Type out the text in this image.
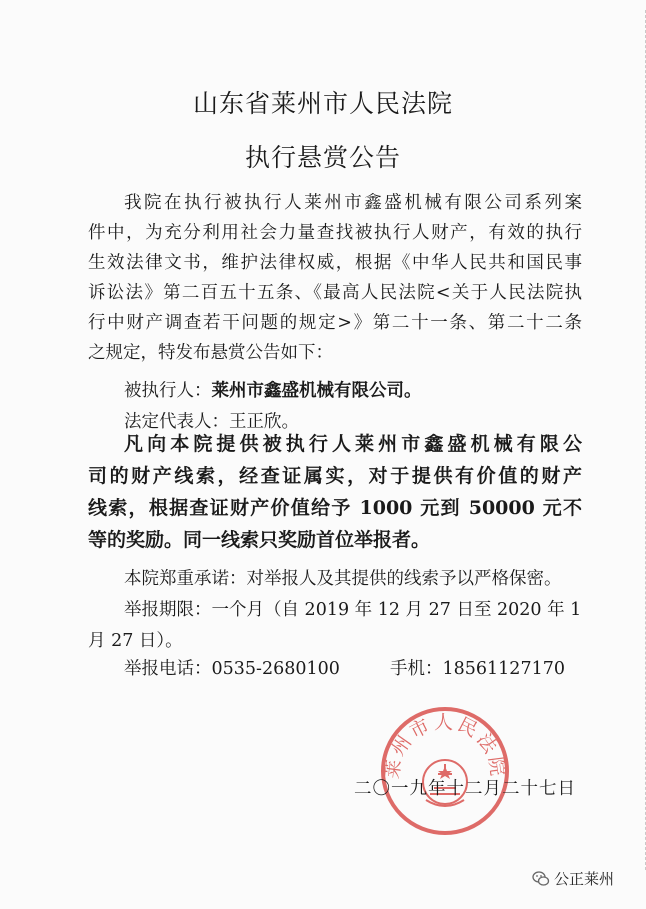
山东省莱州市人民法院
执行悬赏公告
我院在执行被执行人莱州市鑫盛机械有限公司系列案
件中，为充分利用社会力量查找被执行人财产，有效的执行
生效法律文书，维护法律权威，根据《中华人民共和国民事
诉讼法》第二百五十五条、《最高人民法院<关于人民法院执
行中财产调查若干问题的规定>》第二十一条、第二十二条
之规定，特发布悬赏公告如下：
被执行人：莱州市鑫盛机械有限公司。
法定代表人：王正欣。
凡向本院提供被执行人莱州市鑫盛机械有限公
司的财产线索，经查证属实，对于提供有价值的财产
线索，根据查证财产价值给予 1000 元到 50000 元不
等的奖励。同一线索只奖励首位举报者。
本院郑重承诺：对举报人及其提供的线索予以严格保密。
举报期限：一个月（自 2019 年 12 月 27 日至 2020 年 1
月 27 日）。
举报电话：0535-2680100	手机：18561127170
莱州市人民法院
二〇一九年十二月二十七日
公正莱州
